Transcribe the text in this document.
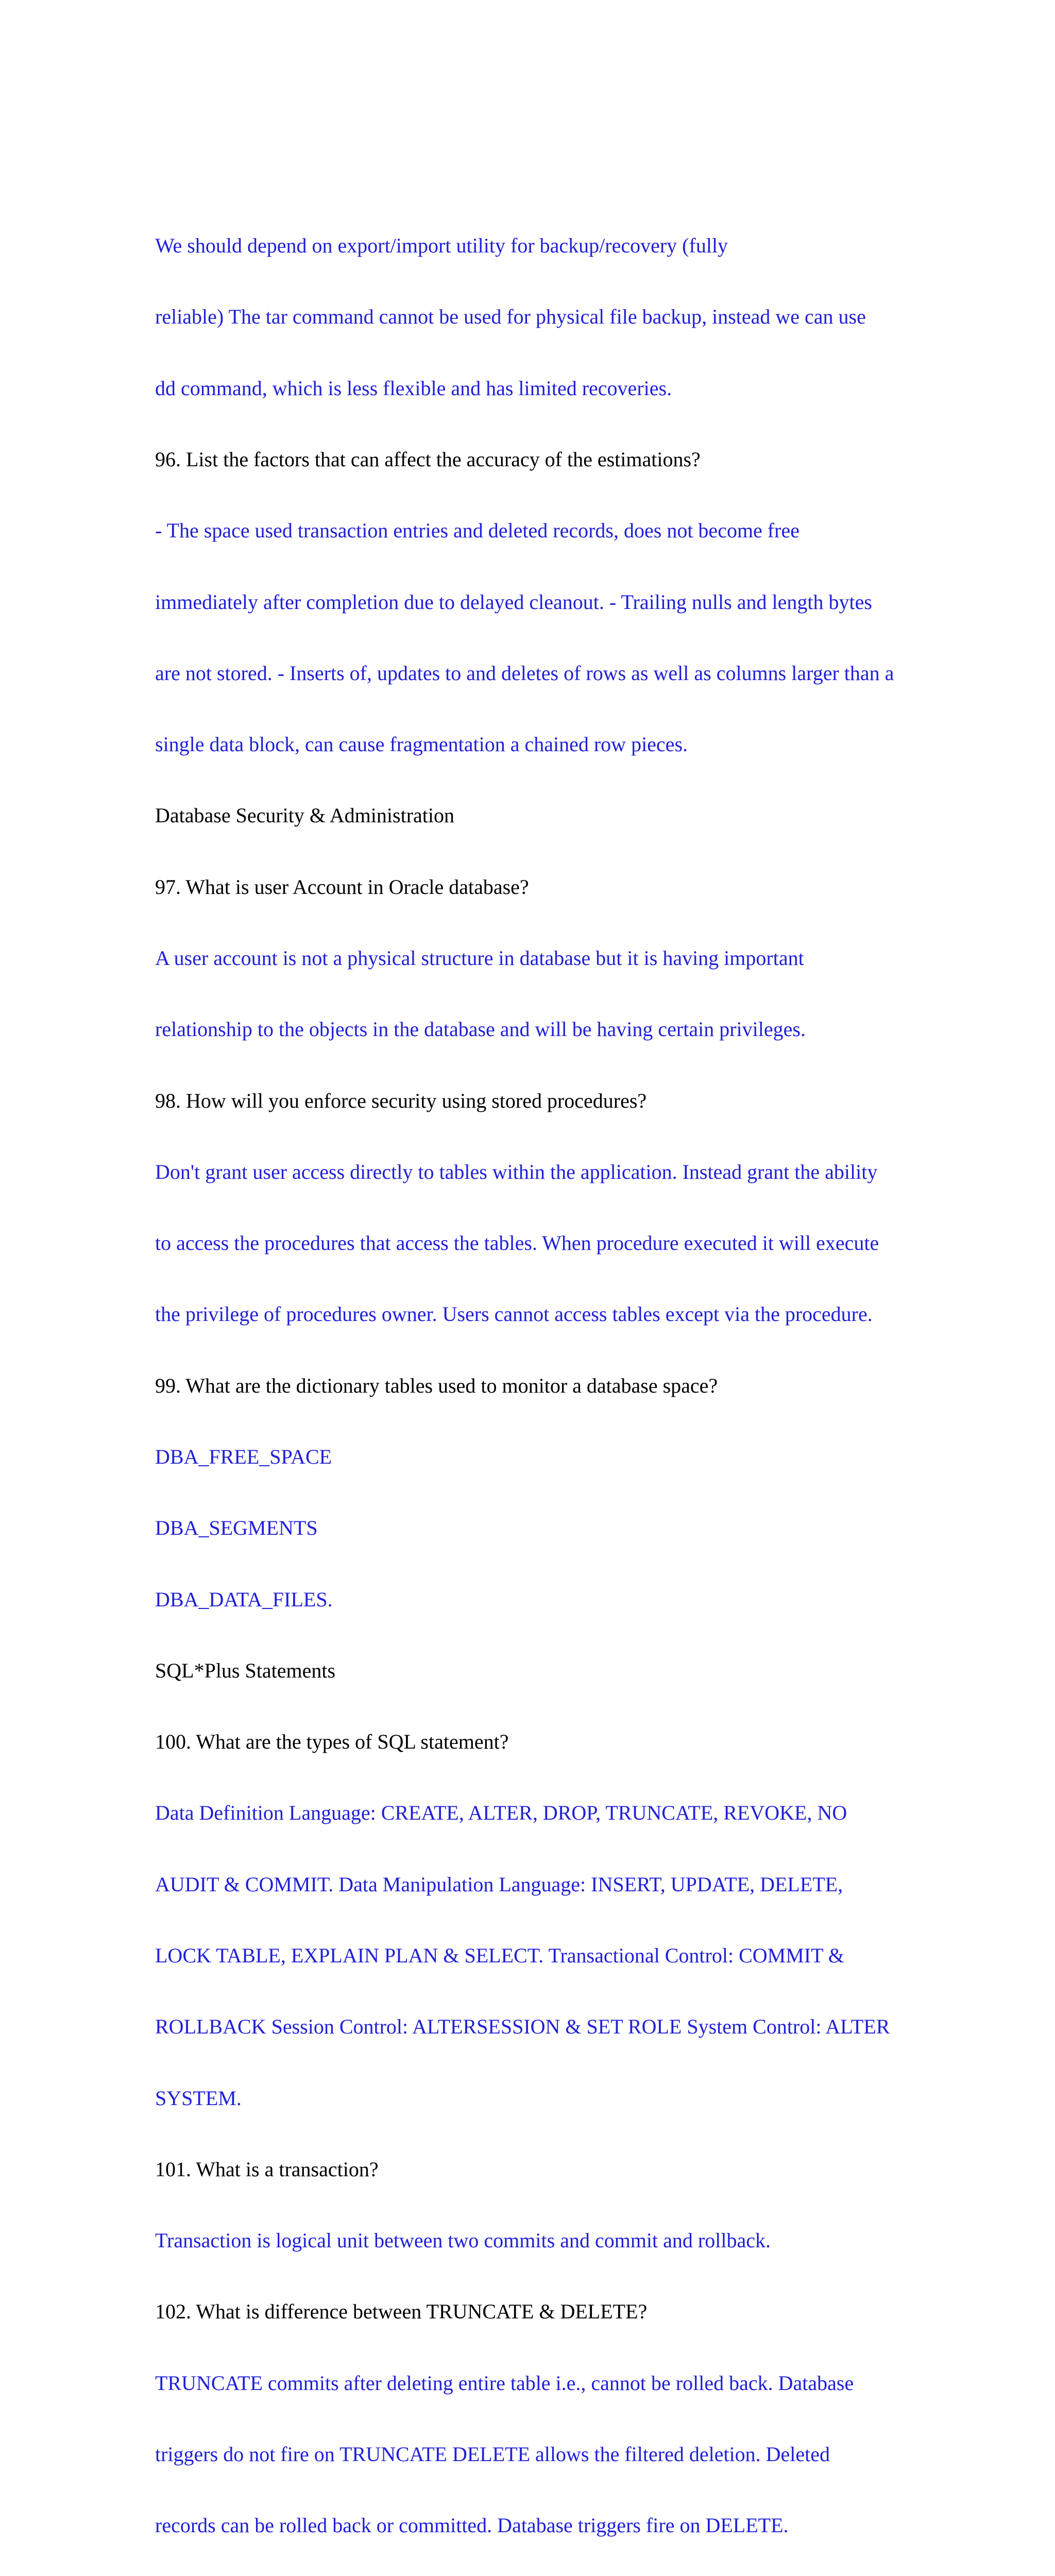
We should depend on export/import utility for backup/recovery (fully

reliable) The tar command cannot be used for physical file backup, instead we can use

dd command, which is less flexible and has limited recoveries.

96. List the factors that can affect the accuracy of the estimations?

- The space used transaction entries and deleted records, does not become free

immediately after completion due to delayed cleanout. - Trailing nulls and length bytes

are not stored. - Inserts of, updates to and deletes of rows as well as columns larger than a

single data block, can cause fragmentation a chained row pieces.

Database Security & Administration

97. What is user Account in Oracle database?

A user account is not a physical structure in database but it is having important

relationship to the objects in the database and will be having certain privileges.

98. How will you enforce security using stored procedures?

Don't grant user access directly to tables within the application. Instead grant the ability

to access the procedures that access the tables. When procedure executed it will execute

the privilege of procedures owner. Users cannot access tables except via the procedure.

99. What are the dictionary tables used to monitor a database space?

DBA_FREE_SPACE

DBA_SEGMENTS

DBA_DATA_FILES.

SQL*Plus Statements

100. What are the types of SQL statement?

Data Definition Language: CREATE, ALTER, DROP, TRUNCATE, REVOKE, NO

AUDIT & COMMIT. Data Manipulation Language: INSERT, UPDATE, DELETE,

LOCK TABLE, EXPLAIN PLAN & SELECT. Transactional Control: COMMIT &

ROLLBACK Session Control: ALTERSESSION & SET ROLE System Control: ALTER

SYSTEM.

101. What is a transaction?

Transaction is logical unit between two commits and commit and rollback.

102. What is difference between TRUNCATE & DELETE?

TRUNCATE commits after deleting entire table i.e., cannot be rolled back. Database

triggers do not fire on TRUNCATE DELETE allows the filtered deletion. Deleted

records can be rolled back or committed. Database triggers fire on DELETE.
